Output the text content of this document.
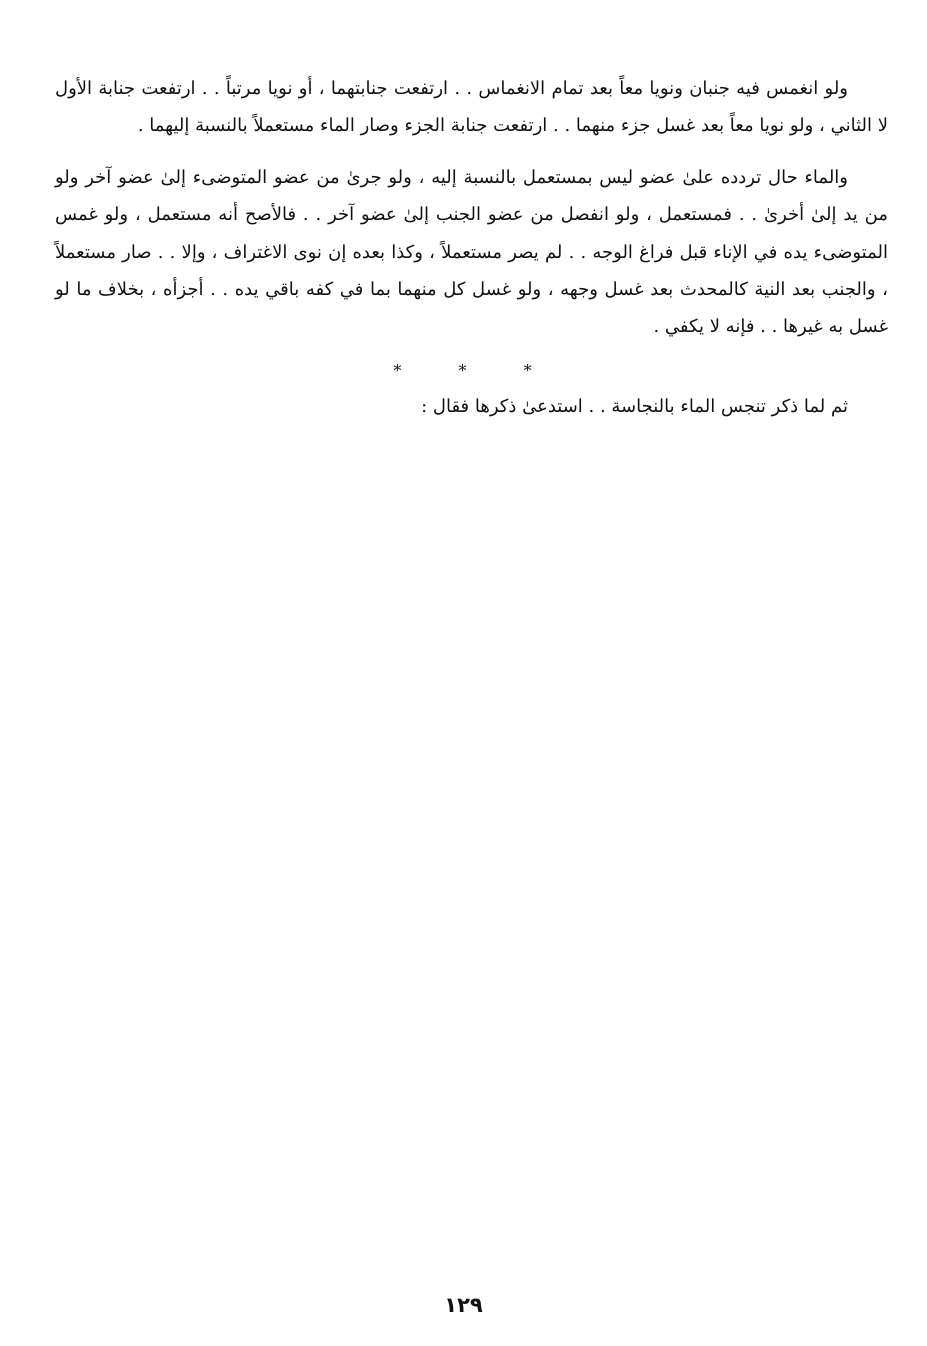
ولو انغمس فيه جنبان ونويا معاً بعد تمام الانغماس . . ارتفعت جنابتهما ، أو نويا مرتباً . . ارتفعت جنابة الأول لا الثاني ، ولو نويا معاً بعد غسل جزء منهما . . ارتفعت جنابة الجزء وصار الماء مستعملاً بالنسبة إليهما .

والماء حال تردده علىٰ عضو ليس بمستعمل بالنسبة إليه ، ولو جرىٰ من عضو المتوضىء إلىٰ عضو آخر ولو من يد إلىٰ أخرىٰ . . فمستعمل ، ولو انفصل من عضو الجنب إلىٰ عضو آخر . . فالأصح أنه مستعمل ، ولو غمس المتوضىء يده في الإناء قبل فراغ الوجه . . لم يصر مستعملاً ، وكذا بعده إن نوى الاغتراف ، وإلا . . صار مستعملاً ، والجنب بعد النية كالمحدث بعد غسل وجهه ، ولو غسل كل منهما بما في كفه باقي يده . . أجزأه ، بخلاف ما لو غسل به غيرها . . فإنه لا يكفي .

* * *

ثم لما ذكر تنجس الماء بالنجاسة . . استدعىٰ ذكرها فقال :

١٢٩
